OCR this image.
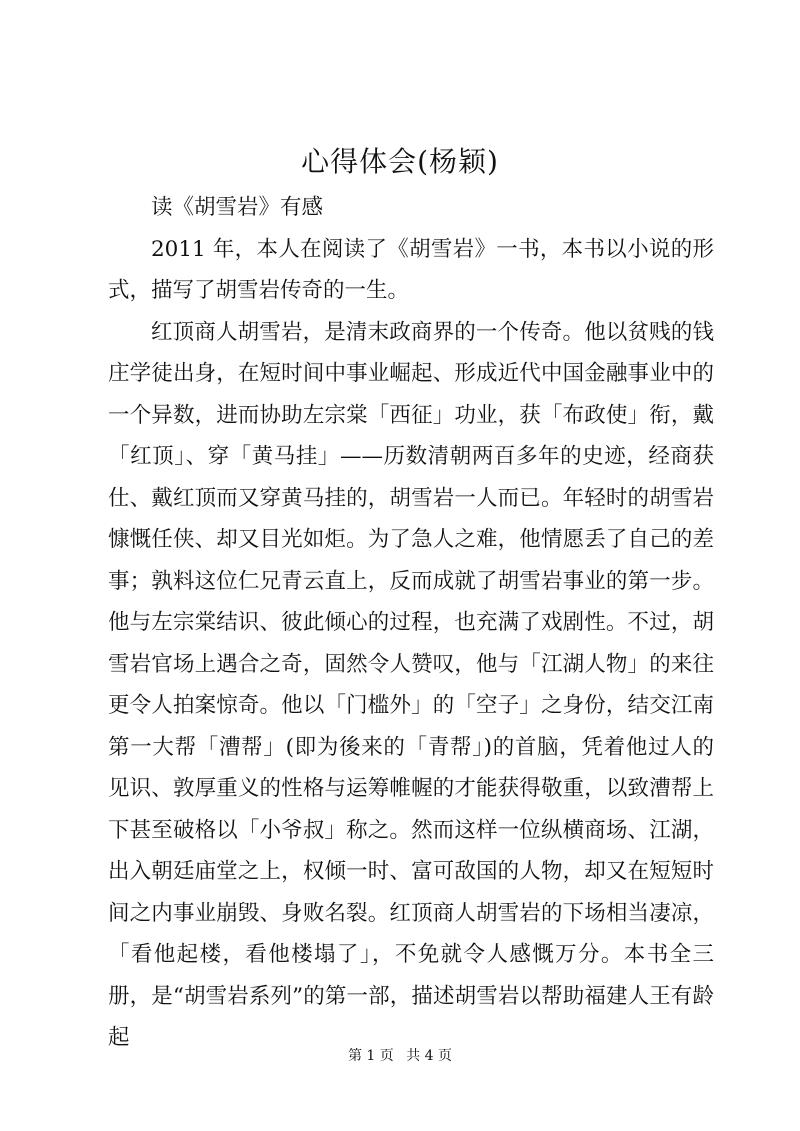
心得体会(杨颖)

读《胡雪岩》有感

2011 年，本人在阅读了《胡雪岩》一书，本书以小说的形式，描写了胡雪岩传奇的一生。

红顶商人胡雪岩，是清末政商界的一个传奇。他以贫贱的钱庄学徒出身，在短时间中事业崛起、形成近代中国金融事业中的一个异数，进而协助左宗棠「西征」功业，获「布政使」衔，戴「红顶」、穿「黄马挂」——历数清朝两百多年的史迹，经商获仕、戴红顶而又穿黄马挂的，胡雪岩一人而已。年轻时的胡雪岩慷慨任侠、却又目光如炬。为了急人之难，他情愿丢了自己的差事；孰料这位仁兄青云直上，反而成就了胡雪岩事业的第一步。他与左宗棠结识、彼此倾心的过程，也充满了戏剧性。不过，胡雪岩官场上遇合之奇，固然令人赞叹，他与「江湖人物」的来往更令人拍案惊奇。他以「门槛外」的「空子」之身份，结交江南第一大帮「漕帮」(即为後来的「青帮」)的首脑，凭着他过人的见识、敦厚重义的性格与运筹帷幄的才能获得敬重，以致漕帮上下甚至破格以「小爷叔」称之。然而这样一位纵横商场、江湖，出入朝廷庙堂之上，权倾一时、富可敌国的人物，却又在短短时间之内事业崩毁、身败名裂。红顶商人胡雪岩的下场相当凄凉，「看他起楼，看他楼塌了」，不免就令人感慨万分。本书全三册，是“胡雪岩系列”的第一部，描述胡雪岩以帮助福建人王有龄起

第 1 页 共 4 页
